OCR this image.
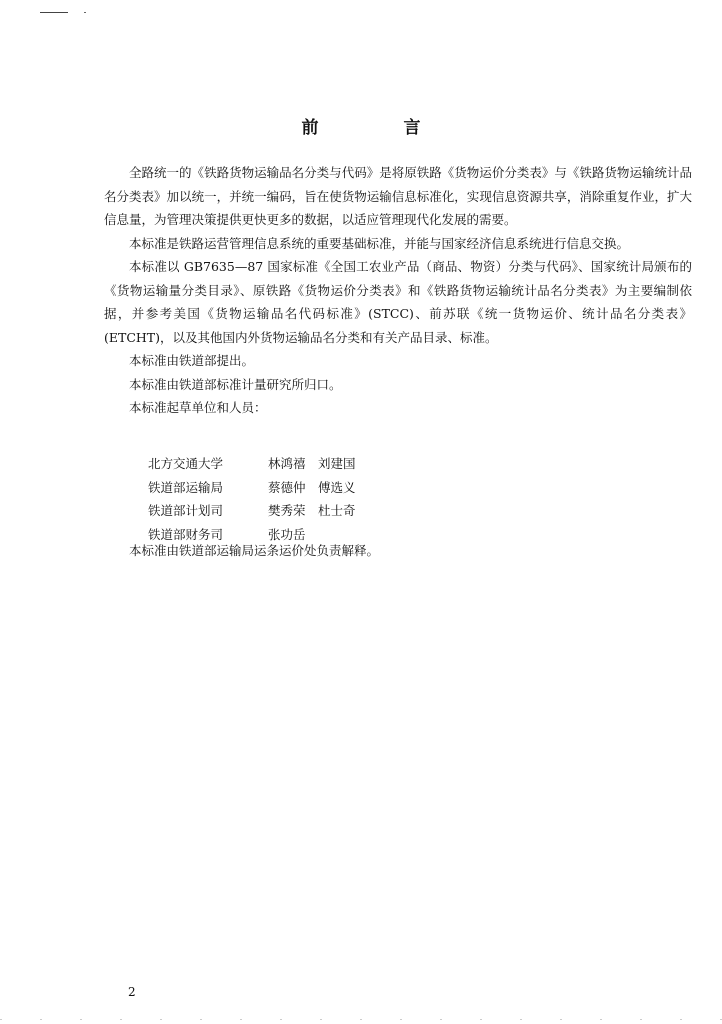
前　言

全路统一的《铁路货物运输品名分类与代码》是将原铁路《货物运价分类表》与《铁路货物运输统计品名分类表》加以统一，并统一编码，旨在使货物运输信息标准化，实现信息资源共享，消除重复作业，扩大信息量，为管理决策提供更快更多的数据，以适应管理现代化发展的需要。

本标准是铁路运营管理信息系统的重要基础标准，并能与国家经济信息系统进行信息交换。

本标准以 GB7635—87 国家标准《全国工农业产品（商品、物资）分类与代码》、国家统计局颁布的《货物运输量分类目录》、原铁路《货物运价分类表》和《铁路货物运输统计品名分类表》为主要编制依据，并参考美国《货物运输品名代码标准》(STCC)、前苏联《统一货物运价、统计品名分类表》(ETCHT)，以及其他国内外货物运输品名分类和有关产品目录、标准。

本标准由铁道部提出。

本标准由铁道部标准计量研究所归口。

本标准起草单位和人员：

北方交通大学	林鸿禧　刘建国
铁道部运输局	蔡德仲　傅选义
铁道部计划司	樊秀荣　杜士奇
铁道部财务司	张功岳

本标准由铁道部运输局运条运价处负责解释。

2
